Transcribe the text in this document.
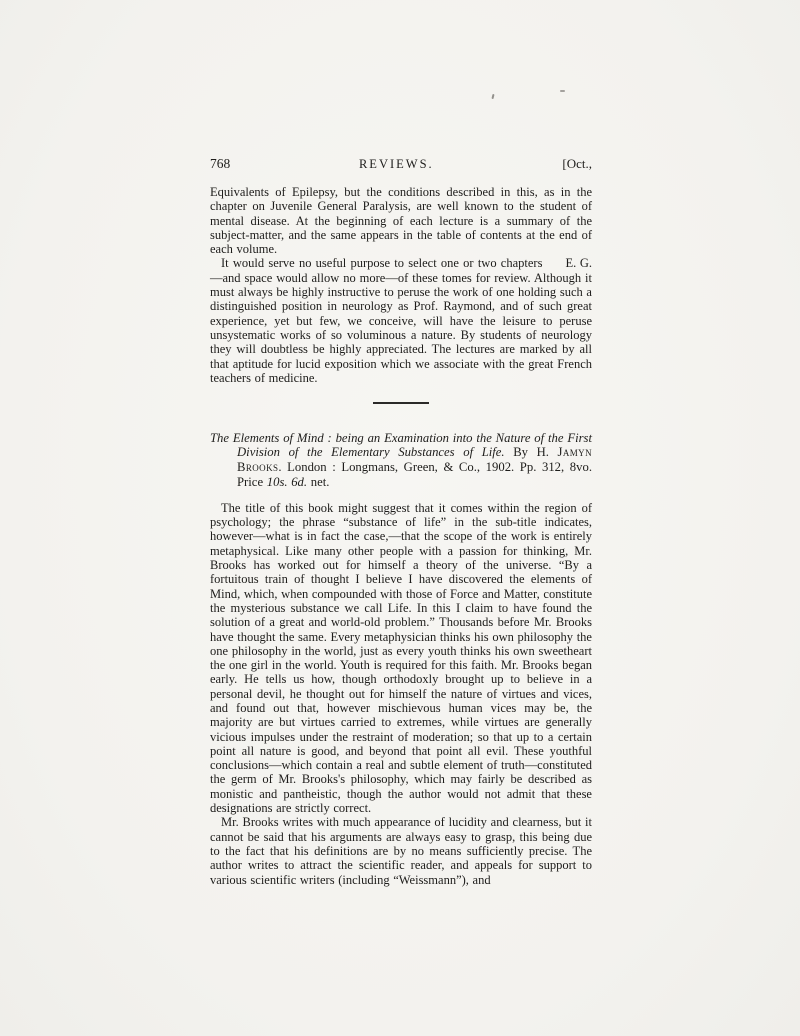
768	REVIEWS.	[Oct.,

Equivalents of Epilepsy, but the conditions described in this, as in the chapter on Juvenile General Paralysis, are well known to the student of mental disease. At the beginning of each lecture is a summary of the subject-matter, and the same appears in the table of contents at the end of each volume.

E. G.
It would serve no useful purpose to select one or two chapters—and space would allow no more—of these tomes for review. Although it must always be highly instructive to peruse the work of one holding such a distinguished position in neurology as Prof. Raymond, and of such great experience, yet but few, we conceive, will have the leisure to peruse unsystematic works of so voluminous a nature. By students of neurology they will doubtless be highly appreciated. The lectures are marked by all that aptitude for lucid exposition which we associate with the great French teachers of medicine.

The Elements of Mind : being an Examination into the Nature of the First Division of the Elementary Substances of Life. By H. Jamyn Brooks. London : Longmans, Green, & Co., 1902. Pp. 312, 8vo. Price 10s. 6d. net.

The title of this book might suggest that it comes within the region of psychology; the phrase “substance of life” in the sub-title indicates, however—what is in fact the case,—that the scope of the work is entirely metaphysical. Like many other people with a passion for thinking, Mr. Brooks has worked out for himself a theory of the universe. “By a fortuitous train of thought I believe I have discovered the elements of Mind, which, when compounded with those of Force and Matter, constitute the mysterious substance we call Life. In this I claim to have found the solution of a great and world-old problem.” Thousands before Mr. Brooks have thought the same. Every metaphysician thinks his own philosophy the one philosophy in the world, just as every youth thinks his own sweetheart the one girl in the world. Youth is required for this faith. Mr. Brooks began early. He tells us how, though orthodoxly brought up to believe in a personal devil, he thought out for himself the nature of virtues and vices, and found out that, however mischievous human vices may be, the majority are but virtues carried to extremes, while virtues are generally vicious impulses under the restraint of moderation; so that up to a certain point all nature is good, and beyond that point all evil. These youthful conclusions—which contain a real and subtle element of truth—constituted the germ of Mr. Brooks's philosophy, which may fairly be described as monistic and pantheistic, though the author would not admit that these designations are strictly correct.

Mr. Brooks writes with much appearance of lucidity and clearness, but it cannot be said that his arguments are always easy to grasp, this being due to the fact that his definitions are by no means sufficiently precise. The author writes to attract the scientific reader, and appeals for support to various scientific writers (including “Weissmann”), and
